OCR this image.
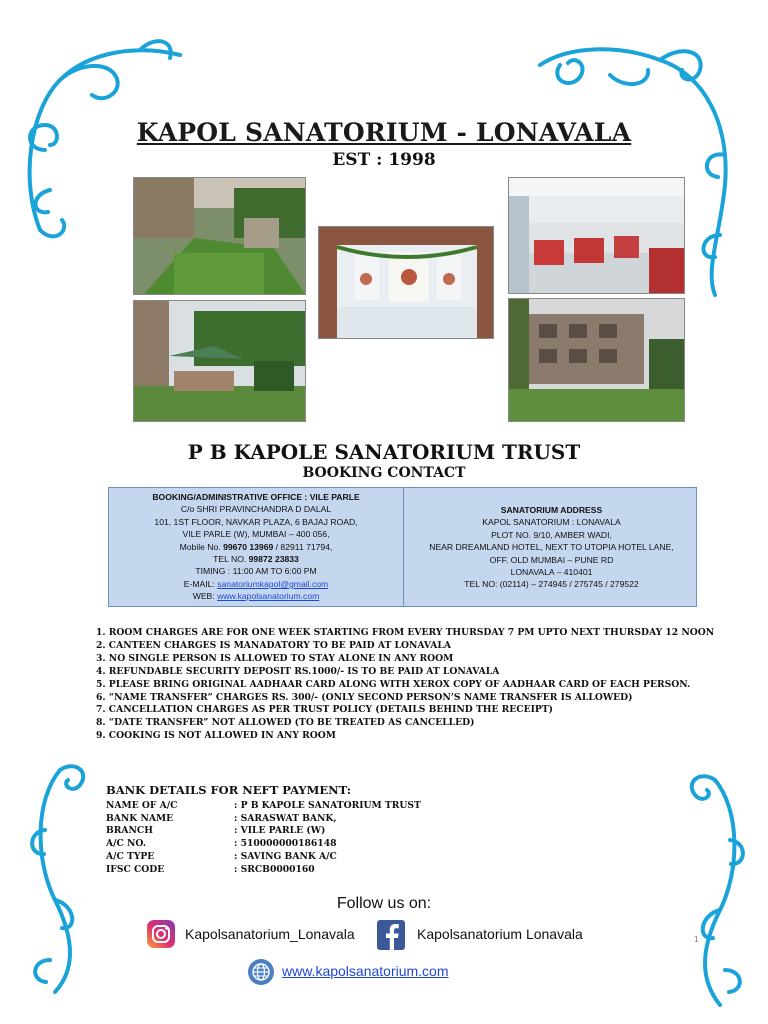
KAPOL SANATORIUM - LONAVALA
EST : 1998
P B KAPOLE SANATORIUM TRUST
BOOKING CONTACT
BOOKING/ADMINISTRATIVE OFFICE : VILE PARLE
C/o SHRI PRAVINCHANDRA D DALAL
101, 1ST FLOOR, NAVKAR PLAZA, 6 BAJAJ ROAD,
VILE PARLE (W), MUMBAI – 400 056,
Mobile No. 99670 13969 / 82911 71794,
TEL NO. 99872 23833
TIMING : 11:00 AM TO 6:00 PM
E-MAIL: sanatoriumkapol@gmail.com
WEB: www.kapolsanatorium.com
SANATORIUM ADDRESS
KAPOL SANATORIUM : LONAVALA
PLOT NO. 9/10, AMBER WADI,
NEAR DREAMLAND HOTEL, NEXT TO UTOPIA HOTEL LANE,
OFF. OLD MUMBAI – PUNE RD
LONAVALA – 410401
TEL NO: (02114) – 274945 / 275745 / 279522
1. ROOM CHARGES ARE FOR ONE WEEK STARTING FROM EVERY THURSDAY 7 PM UPTO NEXT THURSDAY 12 NOON
2. CANTEEN CHARGES IS MANADATORY TO BE PAID AT LONAVALA
3. NO SINGLE PERSON IS ALLOWED TO STAY ALONE IN ANY ROOM
4. REFUNDABLE SECURITY DEPOSIT RS.1000/- IS TO BE PAID AT LONAVALA
5. PLEASE BRING ORIGINAL AADHAAR CARD ALONG WITH XEROX COPY OF AADHAAR CARD OF EACH PERSON.
6. “NAME TRANSFER” CHARGES RS. 300/- (ONLY SECOND PERSON’S NAME TRANSFER IS ALLOWED)
7. CANCELLATION CHARGES AS PER TRUST POLICY (DETAILS BEHIND THE RECEIPT)
8. “DATE TRANSFER” NOT ALLOWED (TO BE TREATED AS CANCELLED)
9. COOKING IS NOT ALLOWED IN ANY ROOM
BANK DETAILS FOR NEFT PAYMENT:
NAME OF A/C	: P B KAPOLE SANATORIUM TRUST
BANK NAME	: SARASWAT BANK,
BRANCH	: VILE PARLE (W)
A/C NO.	: 510000000186148
A/C TYPE	: SAVING BANK A/C
IFSC CODE	: SRCB0000160
Follow us on:
Kapolsanatorium_Lonavala	Kapolsanatorium Lonavala	1
www.kapolsanatorium.com
